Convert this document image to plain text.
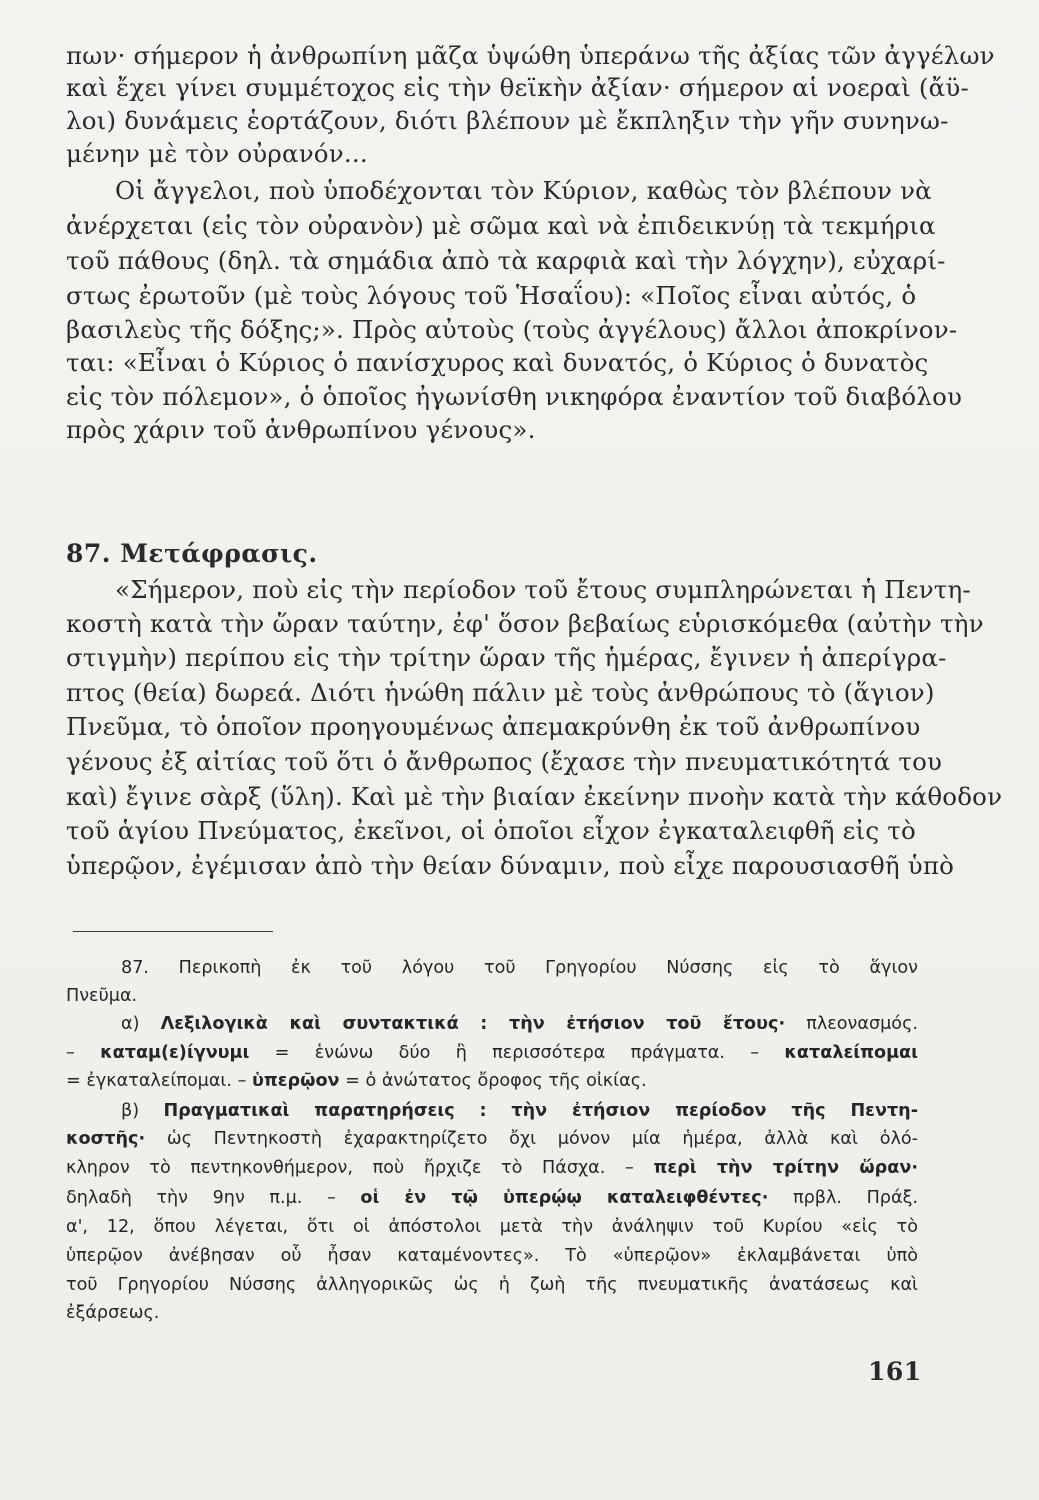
πων· σήμερον ἡ ἀνθρωπίνη μᾶζα ὑψώθη ὑπεράνω τῆς ἀξίας τῶν ἀγγέλων
καὶ ἔχει γίνει συμμέτοχος εἰς τὴν θεϊκὴν ἀξίαν· σήμερον αἱ νοεραὶ (ἄϋ-
λοι) δυνάμεις ἑορτάζουν, διότι βλέπουν μὲ ἔκπληξιν τὴν γῆν συνηνω-
μένην μὲ τὸν οὐρανόν...
Οἱ ἄγγελοι, ποὺ ὑποδέχονται τὸν Κύριον, καθὼς τὸν βλέπουν νὰ
ἀνέρχεται (εἰς τὸν οὐρανὸν) μὲ σῶμα καὶ νὰ ἐπιδεικνύῃ τὰ τεκμήρια
τοῦ πάθους (δηλ. τὰ σημάδια ἀπὸ τὰ καρφιὰ καὶ τὴν λόγχην), εὐχαρί-
στως ἐρωτοῦν (μὲ τοὺς λόγους τοῦ Ἡσαΐου): «Ποῖος εἶναι αὐτός, ὁ
βασιλεὺς τῆς δόξης;». Πρὸς αὐτοὺς (τοὺς ἀγγέλους) ἄλλοι ἀποκρίνον-
ται: «Εἶναι ὁ Κύριος ὁ πανίσχυρος καὶ δυνατός, ὁ Κύριος ὁ δυνατὸς
εἰς τὸν πόλεμον», ὁ ὁποῖος ἠγωνίσθη νικηφόρα ἐναντίον τοῦ διαβόλου
πρὸς χάριν τοῦ ἀνθρωπίνου γένους».
87. Μετάφρασις.
«Σήμερον, ποὺ εἰς τὴν περίοδον τοῦ ἔτους συμπληρώνεται ἡ Πεντη-
κοστὴ κατὰ τὴν ὥραν ταύτην, ἐφ' ὅσον βεβαίως εὑρισκόμεθα (αὐτὴν τὴν
στιγμὴν) περίπου εἰς τὴν τρίτην ὥραν τῆς ἡμέρας, ἔγινεν ἡ ἀπερίγρα-
πτος (θεία) δωρεά. Διότι ἡνώθη πάλιν μὲ τοὺς ἀνθρώπους τὸ (ἅγιον)
Πνεῦμα, τὸ ὁποῖον προηγουμένως ἀπεμακρύνθη ἐκ τοῦ ἀνθρωπίνου
γένους ἐξ αἰτίας τοῦ ὅτι ὁ ἄνθρωπος (ἔχασε τὴν πνευματικότητά του
καὶ) ἔγινε σὰρξ (ὕλη). Καὶ μὲ τὴν βιαίαν ἐκείνην πνοὴν κατὰ τὴν κάθοδον
τοῦ ἁγίου Πνεύματος, ἐκεῖνοι, οἱ ὁποῖοι εἶχον ἐγκαταλειφθῆ εἰς τὸ
ὑπερῷον, ἐγέμισαν ἀπὸ τὴν θείαν δύναμιν, ποὺ εἶχε παρουσιασθῆ ὑπὸ
87. Περικοπὴ ἐκ τοῦ λόγου τοῦ Γρηγορίου Νύσσης εἰς τὸ ἅγιον
Πνεῦμα.
α) Λεξιλογικὰ καὶ συντακτικά : τὴν ἐτήσιον τοῦ ἔτους· πλεονασμός.
– καταμ(ε)ίγνυμι = ἑνώνω δύο ἢ περισσότερα πράγματα. – καταλείπομαι
= ἐγκαταλείπομαι. – ὑπερῷον = ὁ ἀνώτατος ὄροφος τῆς οἰκίας.
β) Πραγματικαὶ παρατηρήσεις : τὴν ἐτήσιον περίοδον τῆς Πεντη-
κοστῆς· ὡς Πεντηκοστὴ ἐχαρακτηρίζετο ὄχι μόνον μία ἡμέρα, ἀλλὰ καὶ ὁλό-
κληρον τὸ πεντηκονθήμερον, ποὺ ἤρχιζε τὸ Πάσχα. – περὶ τὴν τρίτην ὥραν·
δηλαδὴ τὴν 9ην π.μ. – οἱ ἐν τῷ ὑπερῴῳ καταλειφθέντες· πρβλ. Πράξ.
α', 12, ὅπου λέγεται, ὅτι οἱ ἀπόστολοι μετὰ τὴν ἀνάληψιν τοῦ Κυρίου «εἰς τὸ
ὑπερῷον ἀνέβησαν οὗ ἦσαν καταμένοντες». Τὸ «ὑπερῷον» ἐκλαμβάνεται ὑπὸ
τοῦ Γρηγορίου Νύσσης ἀλληγορικῶς ὡς ἡ ζωὴ τῆς πνευματικῆς ἀνατάσεως καὶ
ἐξάρσεως.
161
